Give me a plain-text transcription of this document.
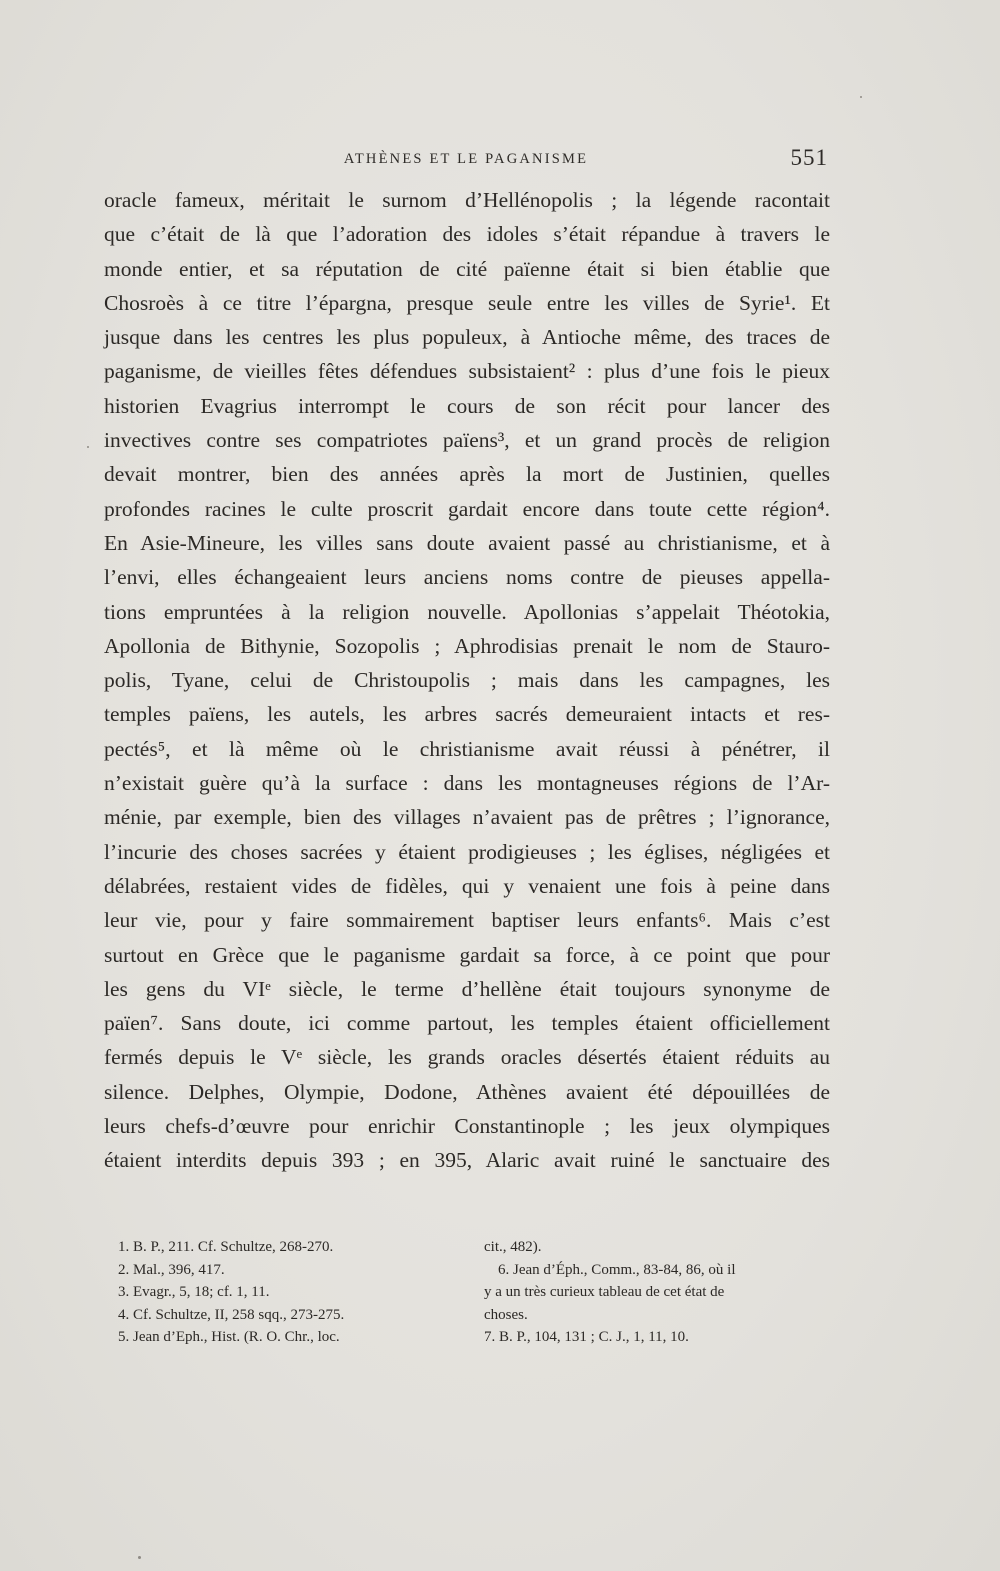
ATHÈNES ET LE PAGANISME	551
oracle fameux, méritait le surnom d’Hellénopolis ; la légende racontait
que c’était de là que l’adoration des idoles s’était répandue à travers le
monde entier, et sa réputation de cité païenne était si bien établie que
Chosroès à ce titre l’épargna, presque seule entre les villes de Syrie¹. Et
jusque dans les centres les plus populeux, à Antioche même, des traces de
paganisme, de vieilles fêtes défendues subsistaient² : plus d’une fois le pieux
historien Evagrius interrompt le cours de son récit pour lancer des
invectives contre ses compatriotes païens³, et un grand procès de religion
devait montrer, bien des années après la mort de Justinien, quelles
profondes racines le culte proscrit gardait encore dans toute cette région⁴.
En Asie-Mineure, les villes sans doute avaient passé au christianisme, et à
l’envi, elles échangeaient leurs anciens noms contre de pieuses appella-
tions empruntées à la religion nouvelle. Apollonias s’appelait Théotokia,
Apollonia de Bithynie, Sozopolis ; Aphrodisias prenait le nom de Stauro-
polis, Tyane, celui de Christoupolis ; mais dans les campagnes, les
temples païens, les autels, les arbres sacrés demeuraient intacts et res-
pectés⁵, et là même où le christianisme avait réussi à pénétrer, il
n’existait guère qu’à la surface : dans les montagneuses régions de l’Ar-
ménie, par exemple, bien des villages n’avaient pas de prêtres ; l’ignorance,
l’incurie des choses sacrées y étaient prodigieuses ; les églises, négligées et
délabrées, restaient vides de fidèles, qui y venaient une fois à peine dans
leur vie, pour y faire sommairement baptiser leurs enfants⁶. Mais c’est
surtout en Grèce que le paganisme gardait sa force, à ce point que pour
les gens du VIᵉ siècle, le terme d’hellène était toujours synonyme de
païen⁷. Sans doute, ici comme partout, les temples étaient officiellement
fermés depuis le Vᵉ siècle, les grands oracles désertés étaient réduits au
silence. Delphes, Olympie, Dodone, Athènes avaient été dépouillées de
leurs chefs-d’œuvre pour enrichir Constantinople ; les jeux olympiques
étaient interdits depuis 393 ; en 395, Alaric avait ruiné le sanctuaire des
1. B. P., 211. Cf. Schultze, 268-270.
2. Mal., 396, 417.
3. Evagr., 5, 18; cf. 1, 11.
4. Cf. Schultze, II, 258 sqq., 273-275.
5. Jean d’Eph., Hist. (R. O. Chr., loc.
cit., 482).
6. Jean d’Éph., Comm., 83-84, 86, où il
y a un très curieux tableau de cet état de
choses.
7. B. P., 104, 131 ; C. J., 1, 11, 10.
